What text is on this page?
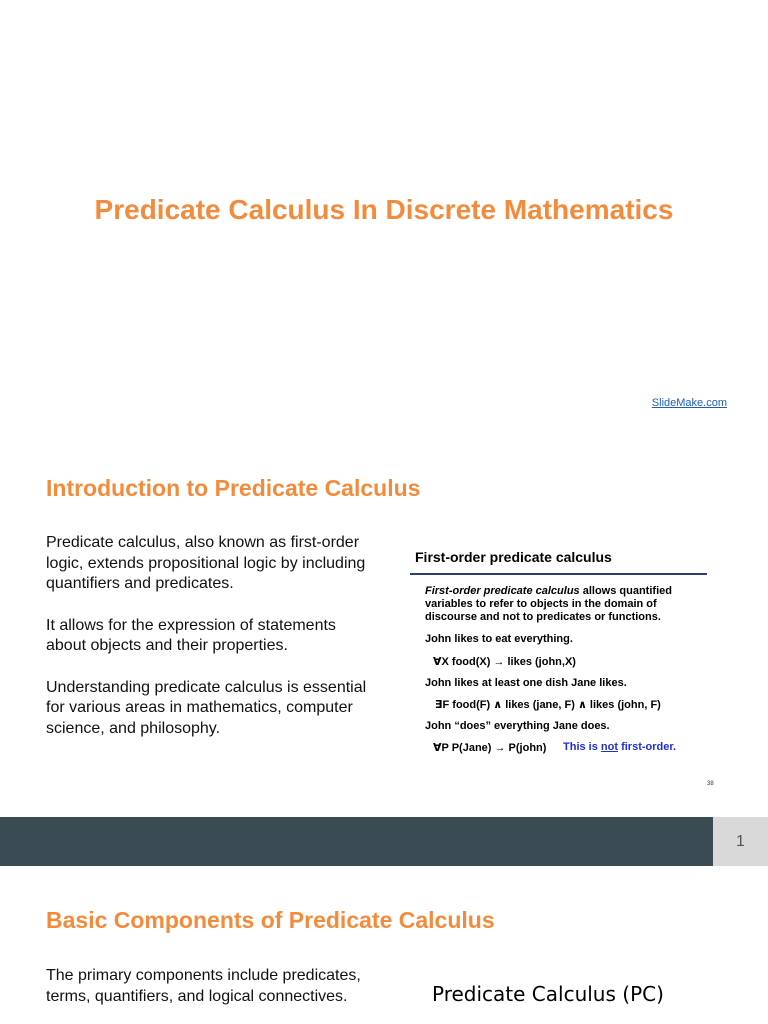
Predicate Calculus In Discrete Mathematics
SlideMake.com
Introduction to Predicate Calculus

Predicate calculus, also known as first-order logic, extends propositional logic by including quantifiers and predicates.

It allows for the expression of statements about objects and their properties.

Understanding predicate calculus is essential for various areas in mathematics, computer science, and philosophy.

First-order predicate calculus
First-order predicate calculus allows quantified variables to refer to objects in the domain of discourse and not to predicates or functions.
John likes to eat everything.
∀X food(X) → likes (john,X)
John likes at least one dish Jane likes.
∃F food(F) ∧ likes (jane, F) ∧ likes (john, F)
John “does” everything Jane does.
∀P P(Jane) → P(john) This is not first-order.
38
1
Basic Components of Predicate Calculus

The primary components include predicates, terms, quantifiers, and logical connectives.	Predicate Calculus (PC)
